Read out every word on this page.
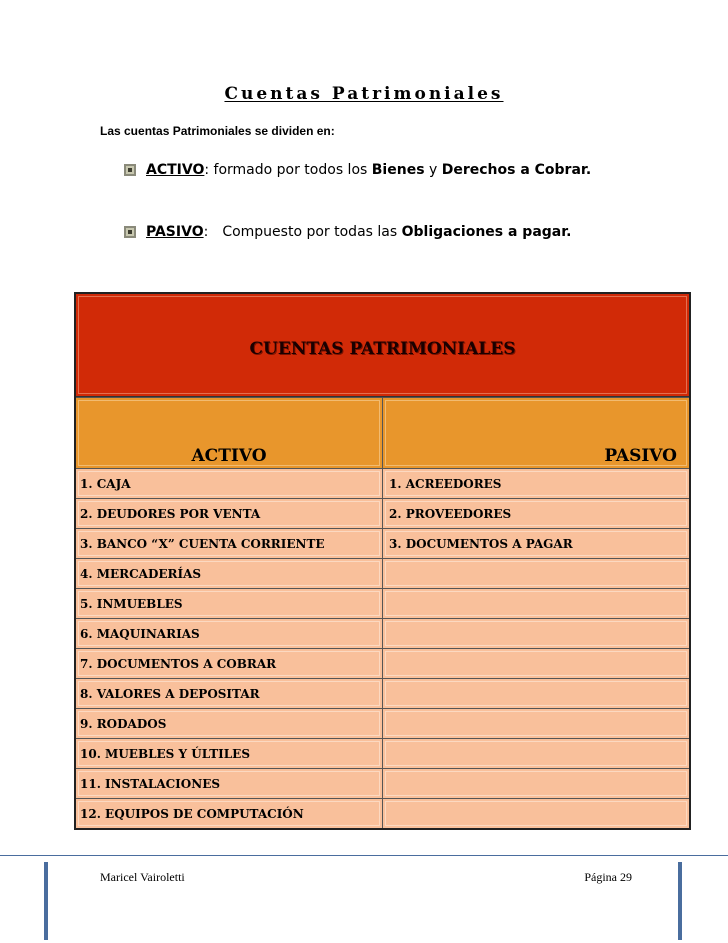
Cuentas Patrimoniales
Las cuentas Patrimoniales se dividen en:
ACTIVO : formado por todos los Bienes y Derechos a Cobrar.
PASIVO : Compuesto por todas las Obligaciones a pagar.
CUENTAS PATRIMONIALES
ACTIVO	PASIVO
1. CAJA	1. ACREEDORES
2. DEUDORES POR VENTA	2. PROVEEDORES
3. BANCO “X” CUENTA CORRIENTE	3. DOCUMENTOS A PAGAR
4. MERCADERÍAS
5. INMUEBLES
6. MAQUINARIAS
7. DOCUMENTOS A COBRAR
8. VALORES A DEPOSITAR
9. RODADOS
10. MUEBLES Y ÚLTILES
11. INSTALACIONES
12. EQUIPOS DE COMPUTACIÓN
Maricel Vairoletti	Página 29
